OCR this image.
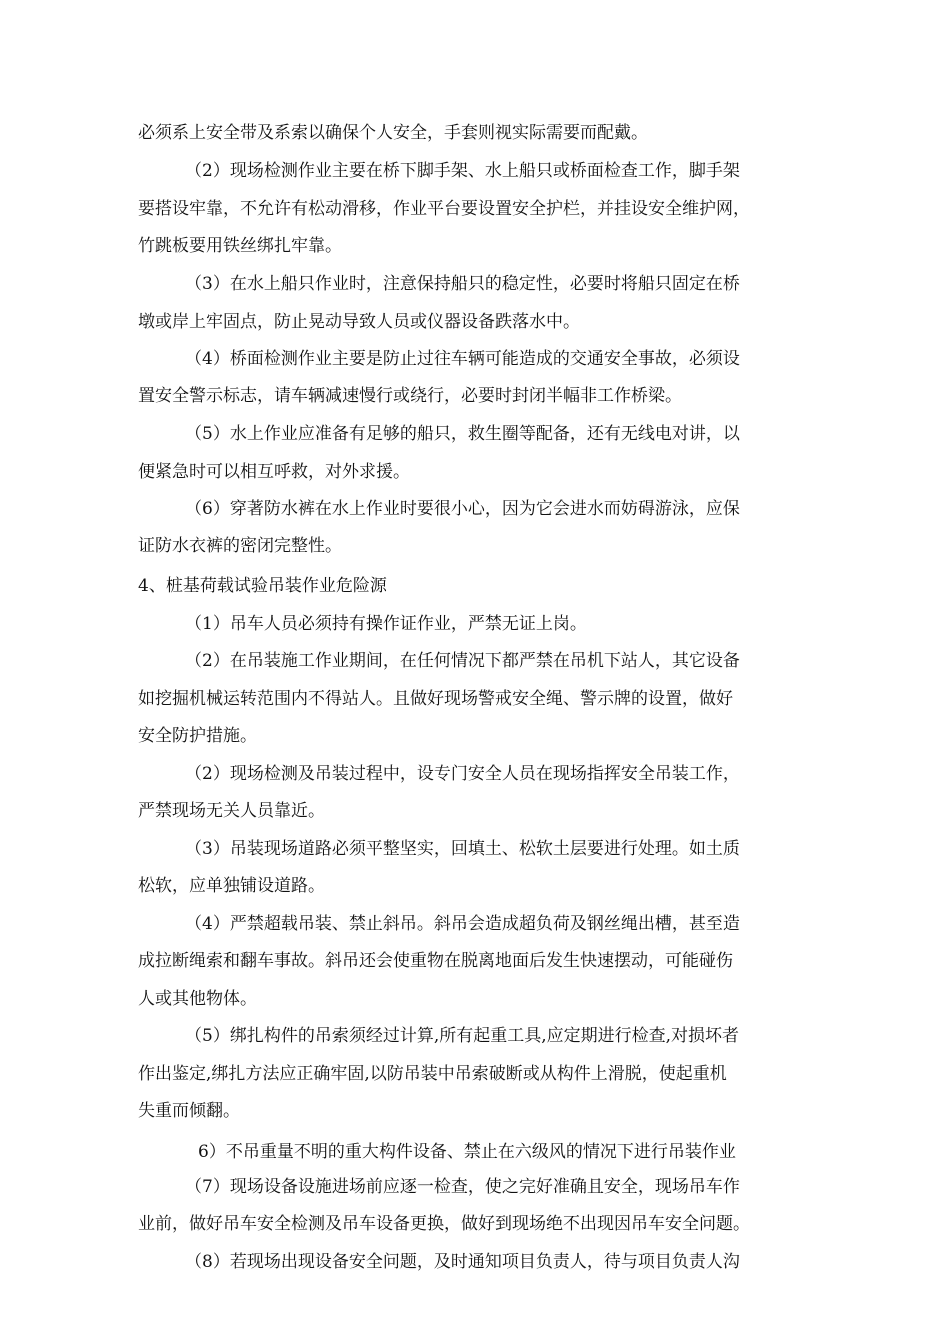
必须系上安全带及系索以确保个人安全，手套则视实际需要而配戴。
（2）现场检测作业主要在桥下脚手架、水上船只或桥面检查工作，脚手架
要搭设牢靠，不允许有松动滑移，作业平台要设置安全护栏，并挂设安全维护网，
竹跳板要用铁丝绑扎牢靠。
（3）在水上船只作业时，注意保持船只的稳定性，必要时将船只固定在桥
墩或岸上牢固点，防止晃动导致人员或仪器设备跌落水中。
（4）桥面检测作业主要是防止过往车辆可能造成的交通安全事故，必须设
置安全警示标志，请车辆减速慢行或绕行，必要时封闭半幅非工作桥梁。
（5）水上作业应准备有足够的船只，救生圈等配备，还有无线电对讲，以
便紧急时可以相互呼救，对外求援。
（6）穿著防水裤在水上作业时要很小心，因为它会进水而妨碍游泳，应保
证防水衣裤的密闭完整性。
4、桩基荷载试验吊装作业危险源
（1）吊车人员必须持有操作证作业，严禁无证上岗。
（2）在吊装施工作业期间，在任何情况下都严禁在吊机下站人，其它设备
如挖掘机械运转范围内不得站人。且做好现场警戒安全绳、警示牌的设置，做好
安全防护措施。
（2）现场检测及吊装过程中，设专门安全人员在现场指挥安全吊装工作，
严禁现场无关人员靠近。
（3）吊装现场道路必须平整坚实，回填土、松软土层要进行处理。如土质
松软，应单独铺设道路。
（4）严禁超载吊装、禁止斜吊。斜吊会造成超负荷及钢丝绳出槽，甚至造
成拉断绳索和翻车事故。斜吊还会使重物在脱离地面后发生快速摆动，可能碰伤
人或其他物体。
（5）绑扎构件的吊索须经过计算,所有起重工具,应定期进行检查,对损坏者
作出鉴定,绑扎方法应正确牢固,以防吊装中吊索破断或从构件上滑脱，使起重机
失重而倾翻。
6）不吊重量不明的重大构件设备、禁止在六级风的情况下进行吊装作业
（7）现场设备设施进场前应逐一检查，使之完好准确且安全，现场吊车作
业前，做好吊车安全检测及吊车设备更换，做好到现场绝不出现因吊车安全问题。
（8）若现场出现设备安全问题，及时通知项目负责人，待与项目负责人沟
